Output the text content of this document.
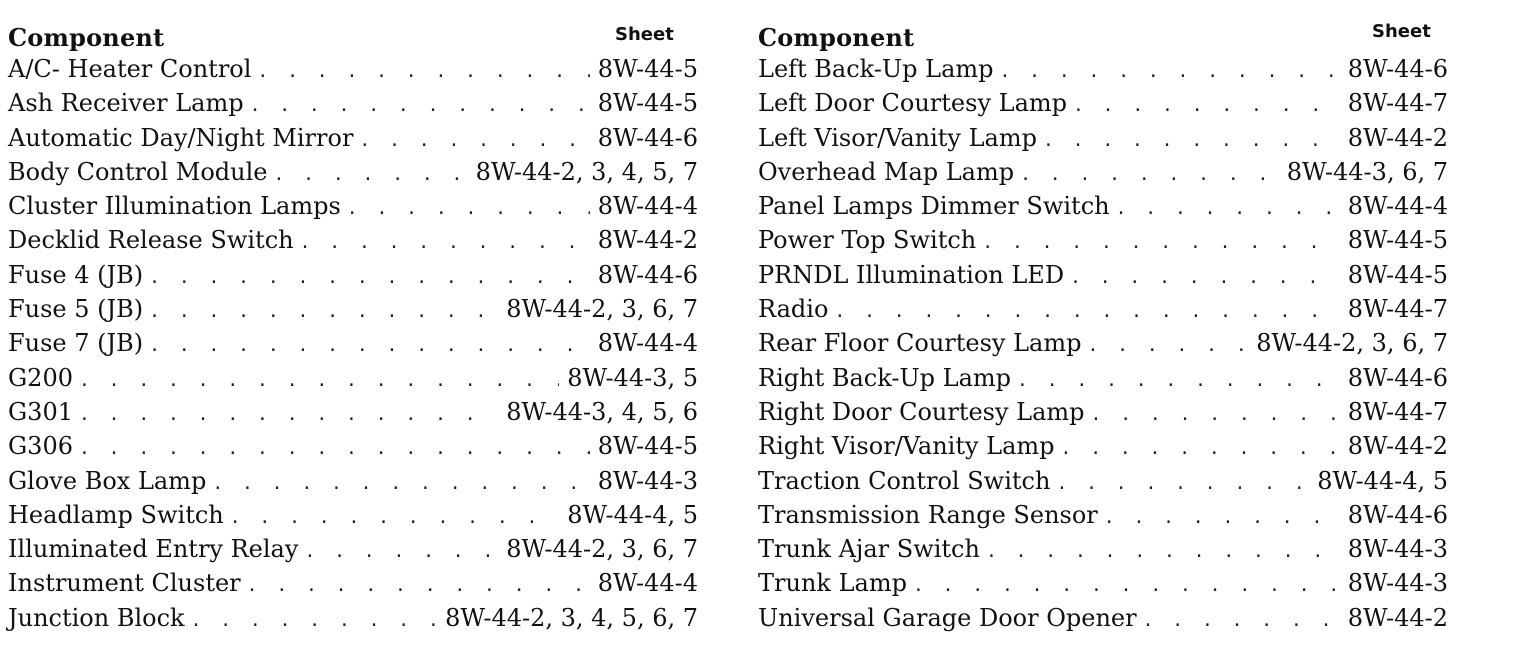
Component	Sheet
A/C- Heater Control . . .	8W-44-5
Ash Receiver Lamp . . .	8W-44-5
Automatic Day/Night Mirror . . .	8W-44-6
Body Control Module . . .	8W-44-2, 3, 4, 5, 7
Cluster Illumination Lamps . . .	8W-44-4
Decklid Release Switch . . .	8W-44-2
Fuse 4 (JB) . . .	8W-44-6
Fuse 5 (JB) . . .	8W-44-2, 3, 6, 7
Fuse 7 (JB) . . .	8W-44-4
G200 . . .	8W-44-3, 5
G301 . . .	8W-44-3, 4, 5, 6
G306 . . .	8W-44-5
Glove Box Lamp . . .	8W-44-3
Headlamp Switch . . .	8W-44-4, 5
Illuminated Entry Relay . . .	8W-44-2, 3, 6, 7
Instrument Cluster . . .	8W-44-4
Junction Block . . .	8W-44-2, 3, 4, 5, 6, 7
Component	Sheet
Left Back-Up Lamp . . .	8W-44-6
Left Door Courtesy Lamp . . .	8W-44-7
Left Visor/Vanity Lamp . . .	8W-44-2
Overhead Map Lamp . . .	8W-44-3, 6, 7
Panel Lamps Dimmer Switch . . .	8W-44-4
Power Top Switch . . .	8W-44-5
PRNDL Illumination LED . . .	8W-44-5
Radio . . .	8W-44-7
Rear Floor Courtesy Lamp . . .	8W-44-2, 3, 6, 7
Right Back-Up Lamp . . .	8W-44-6
Right Door Courtesy Lamp . . .	8W-44-7
Right Visor/Vanity Lamp . . .	8W-44-2
Traction Control Switch . . .	8W-44-4, 5
Transmission Range Sensor . . .	8W-44-6
Trunk Ajar Switch . . .	8W-44-3
Trunk Lamp . . .	8W-44-3
Universal Garage Door Opener . . .	8W-44-2
